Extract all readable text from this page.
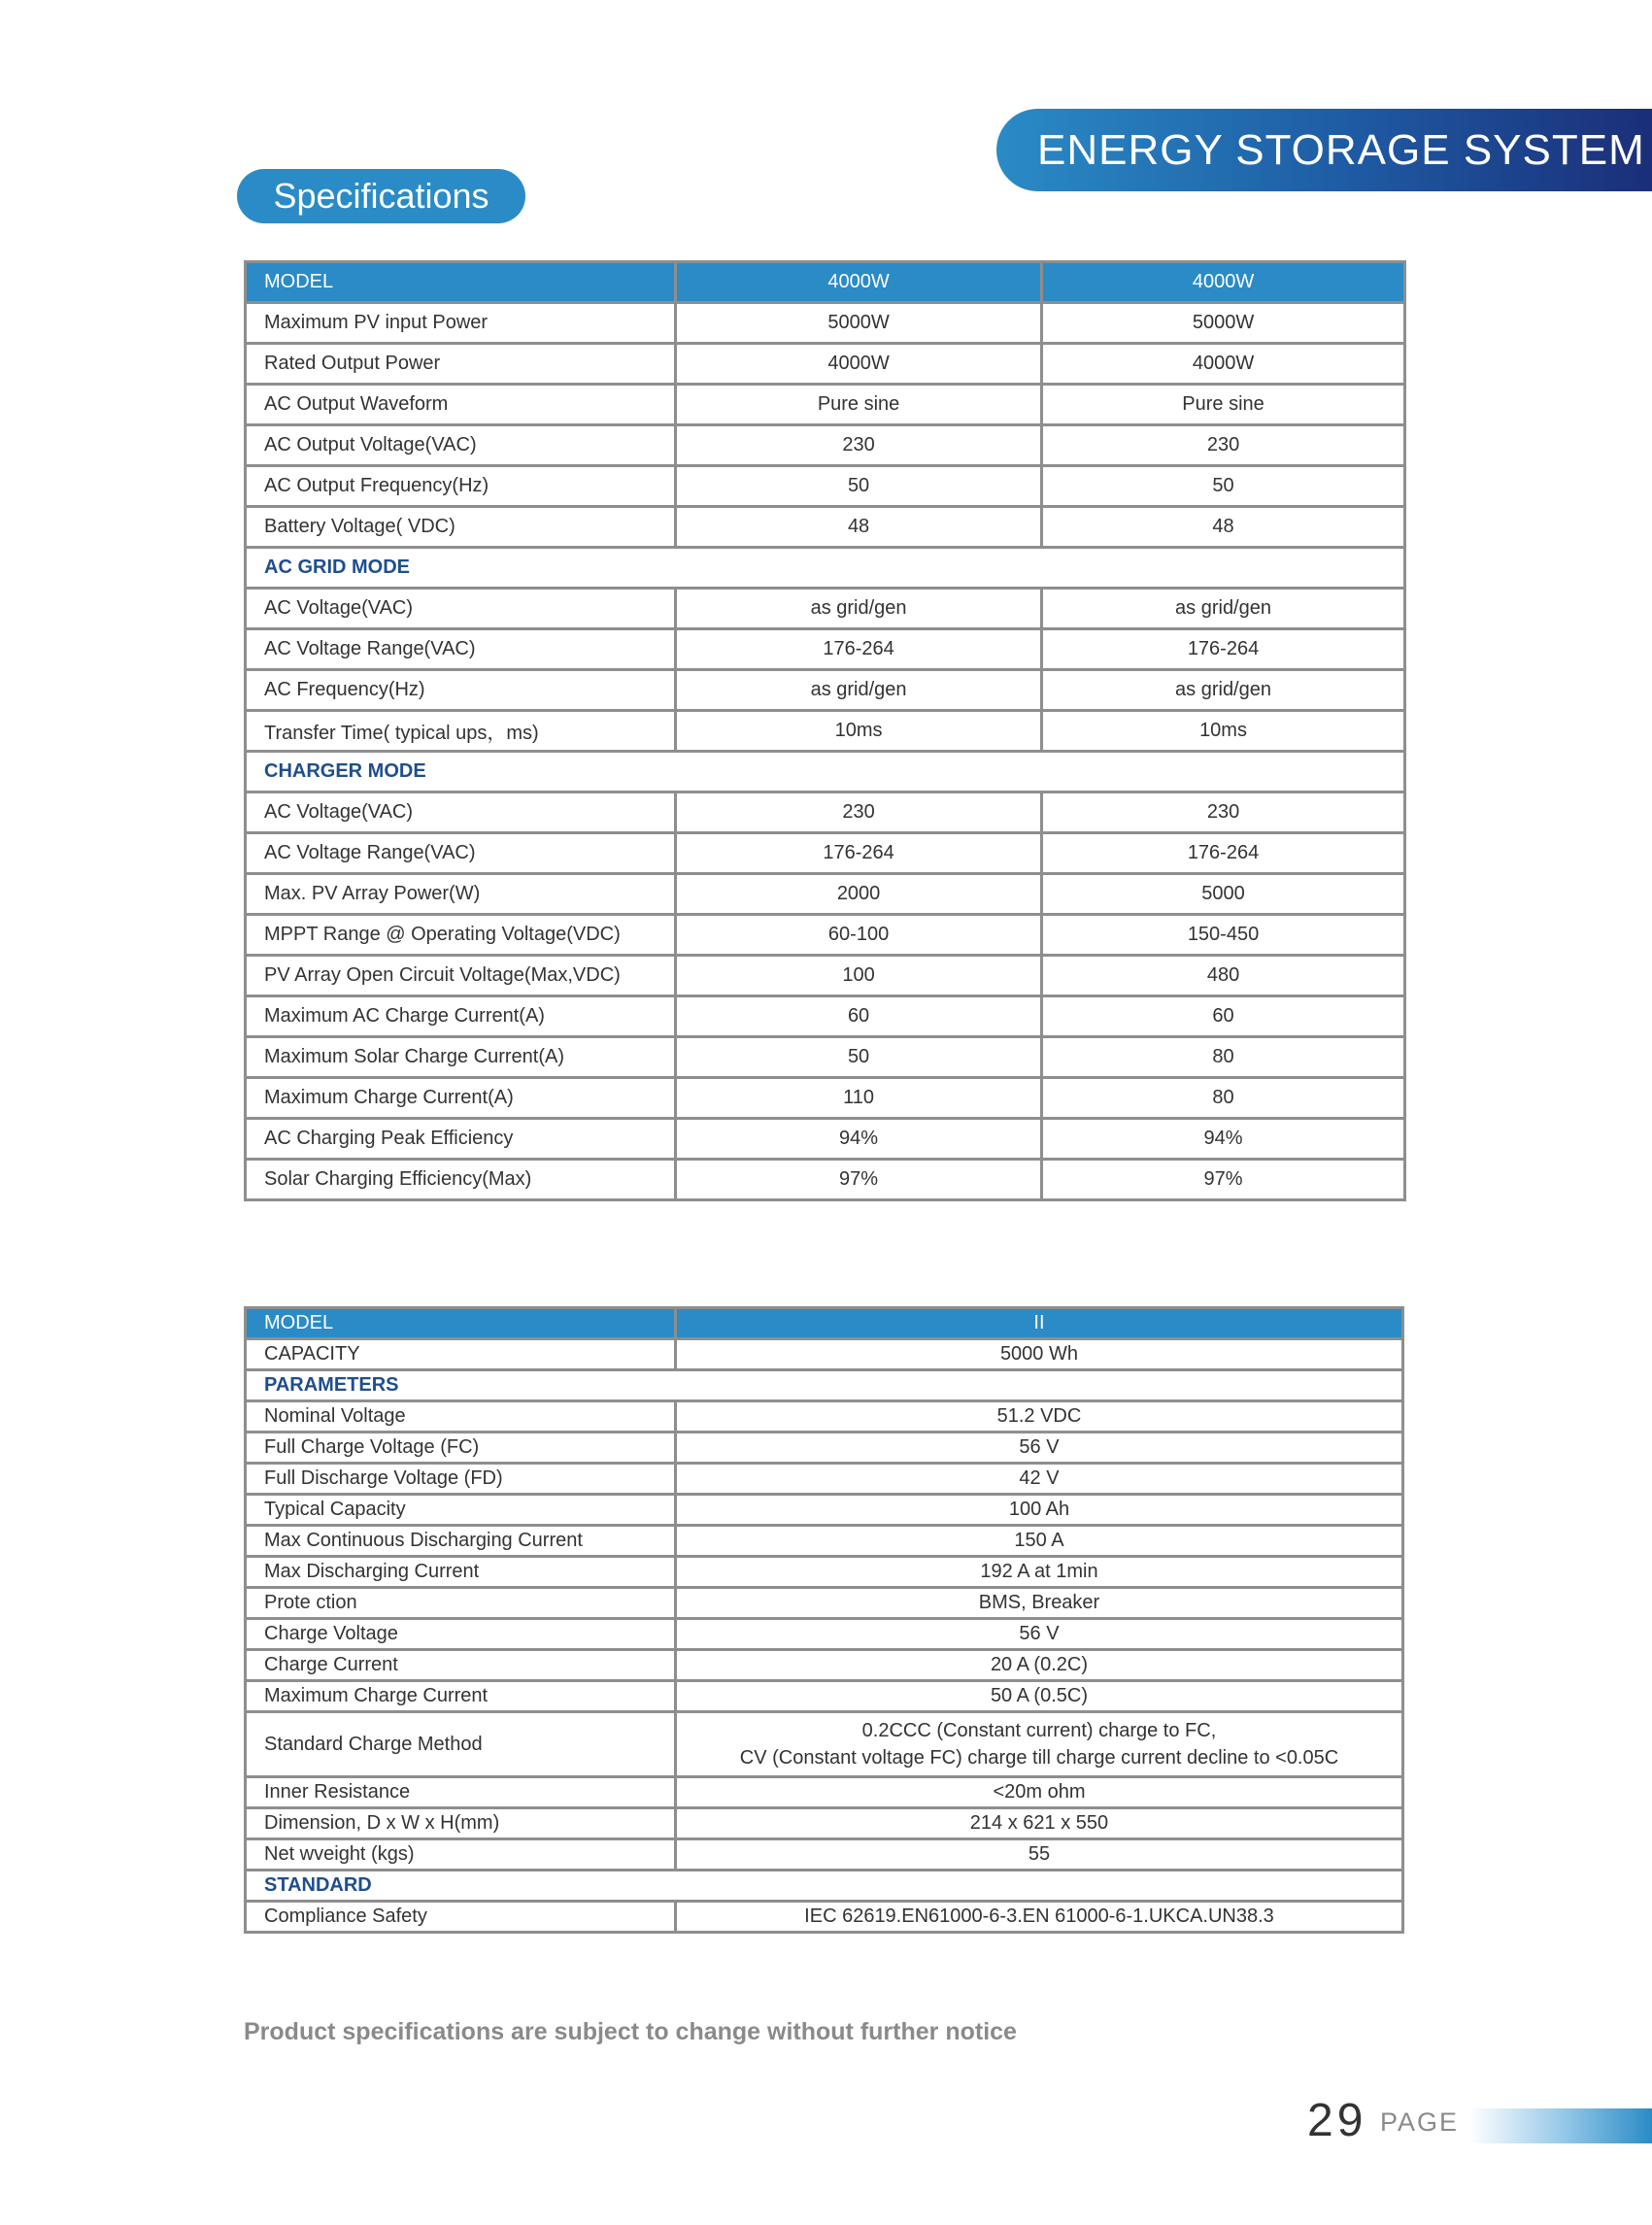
ENERGY STORAGE SYSTEM
Specifications
MODEL	4000W	4000W
Maximum PV input Power	5000W	5000W
Rated Output Power	4000W	4000W
AC Output Waveform	Pure sine	Pure sine
AC Output Voltage(VAC)	230	230
AC Output Frequency(Hz)	50	50
Battery Voltage( VDC)	48	48
AC GRID MODE		
AC Voltage(VAC)	as grid/gen	as grid/gen
AC Voltage Range(VAC)	176-264	176-264
AC Frequency(Hz)	as grid/gen	as grid/gen
Transfer Time( typical ups，ms)	10ms	10ms
CHARGER MODE		
AC Voltage(VAC)	230	230
AC Voltage Range(VAC)	176-264	176-264
Max. PV Array Power(W)	2000	5000
MPPT Range @ Operating Voltage(VDC)	60-100	150-450
PV Array Open Circuit Voltage(Max,VDC)	100	480
Maximum AC Charge Current(A)	60	60
Maximum Solar Charge Current(A)	50	80
Maximum Charge Current(A)	110	80
AC Charging Peak Efficiency	94%	94%
Solar Charging Efficiency(Max)	97%	97%
MODEL	II
CAPACITY	5000 Wh
PARAMETERS	
Nominal Voltage	51.2 VDC
Full Charge Voltage (FC)	56 V
Full Discharge Voltage (FD)	42 V
Typical Capacity	100 Ah
Max Continuous Discharging Current	150 A
Max Discharging Current	192 A at 1min
Prote ction	BMS, Breaker
Charge Voltage	56 V
Charge Current	20 A (0.2C)
Maximum Charge Current	50 A (0.5C)
Standard Charge Method	0.2CCC (Constant current) charge to FC,
CV (Constant voltage FC) charge till charge current decline to <0.05C

Inner Resistance	<20m ohm
Dimension, D x W x H(mm)	214 x 621 x 550
Net wveight (kgs)	55
STANDARD	
Compliance Safety	IEC 62619.EN61000-6-3.EN 61000-6-1.UKCA.UN38.3
Product specifications are subject to change without further notice
29 PAGE
